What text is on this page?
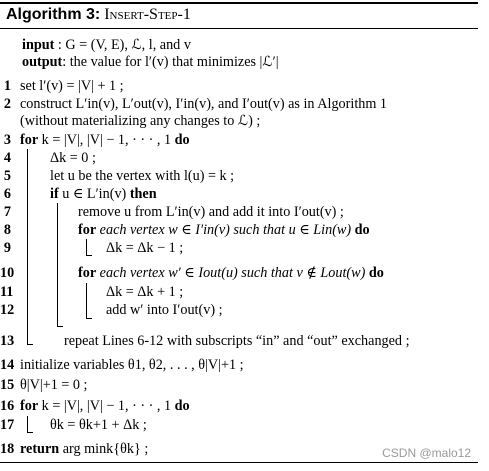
Algorithm 3: Insert-Step-1
input : G = (V, E), ℒ, l, and v
output: the value for l′(v) that minimizes |ℒ′|
1 set l′(v) = |V| + 1 ;
2 construct L′in(v), L′out(v), I′in(v), and I′out(v) as in Algorithm 1
(without materializing any changes to ℒ) ;
3 for k = |V|, |V| − 1, · · · , 1 do
4	Δk = 0 ;
5	let u be the vertex with l(u) = k ;
6	if u ∈ L′in(v) then
7	remove u from L′in(v) and add it into I′out(v) ;
8	for each vertex w ∈ I′in(v) such that u ∈ Lin(w) do
9	Δk = Δk − 1 ;
10	for each vertex w′ ∈ Iout(u) such that v ∉ Lout(w) do
11	Δk = Δk + 1 ;
12	add w′ into I′out(v) ;
13	repeat Lines 6-12 with subscripts “in” and “out” exchanged ;
14 initialize variables θ1, θ2, . . . , θ|V|+1 ;
15 θ|V|+1 = 0 ;
16 for k = |V|, |V| − 1, · · · , 1 do
17	θk = θk+1 + Δk ;
18 return arg mink{θk} ;	CSDN @malo12
